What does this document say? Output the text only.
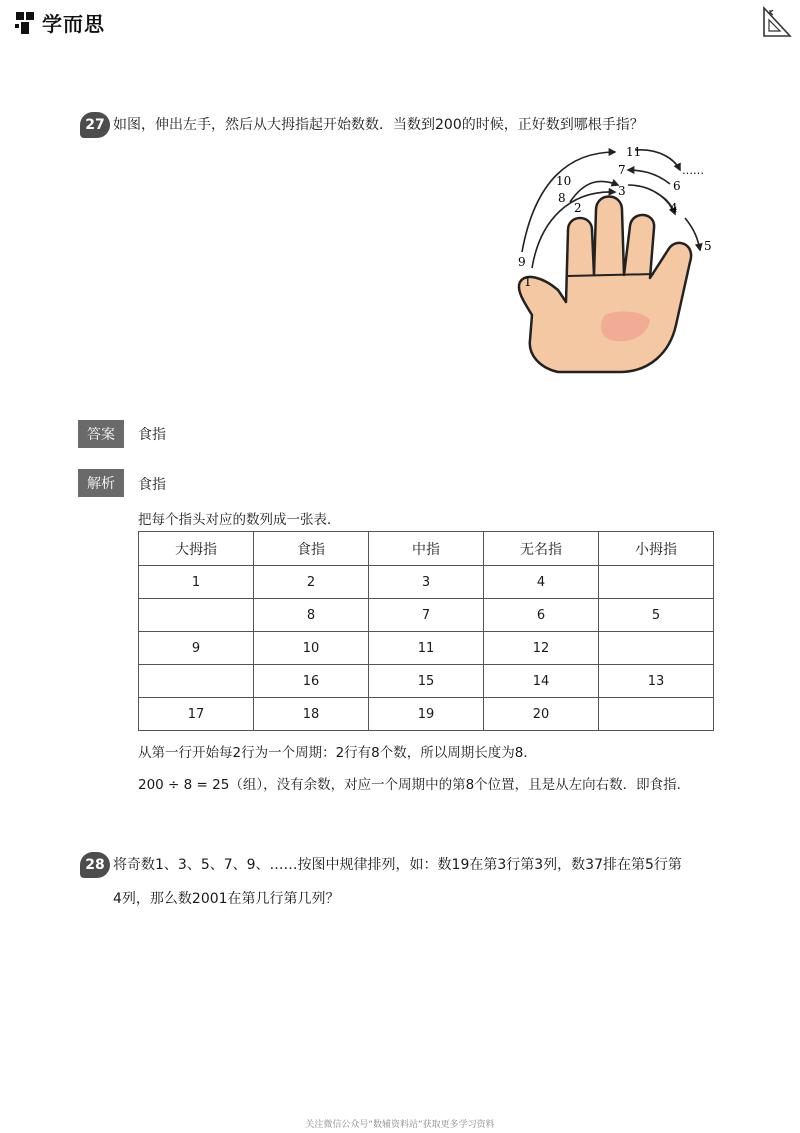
学而思
27 如图，伸出左手，然后从大拇指起开始数数．当数到200的时候，正好数到哪根手指？
11
7
10
3	6
8
2	4
9
5
1
……
答案	食指
解析	食指
把每个指头对应的数列成一张表．
大拇指	食指	中指	无名指	小拇指
1	2	3	4	
	8	7	6	5
9	10	11	12	
	16	15	14	13
17	18	19	20	
从第一行开始每2行为一个周期：2行有8个数，所以周期长度为8．
200 ÷ 8 = 25（组），没有余数，对应一个周期中的第8个位置，且是从左向右数．即食指．
28 将奇数1、3、5、7、9、……按图中规律排列，如：数19在第3行第3列，数37排在第5行第
4列，那么数2001在第几行第几列？
关注微信公众号“数辅资料站”获取更多学习资料
